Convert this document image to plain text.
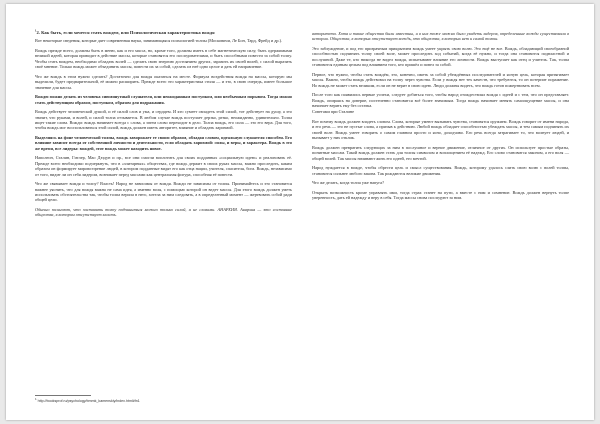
$^1$2. Как быть, если хочется стать вождем, или Психологическая характеристика вождя

Вот некоторые сведения, которые дает современная наука, занимающаяся психологией толпы (Московичи, Ле Бон, Тард, Фрейд и др.).

Вождь прежде всего, должны быть в меню, как и его масса, но, кроме того, должны иметь в себе магнетическую силу, быть одержимыми великой идеей, которая приводит в действие массы, которые становятся его последователями, и быть способными повести за собой толпу. Чтобы стать вождем, необходимо обладать волей — сделать свою энергию достоянием других, заразить их своей волей, с силой выразить своё мнение. Только вождь может объединить массы, повести их за собой, сделать из неё одно целое и дать ей направление.

Что же вождь в этом нужно сделать? Достаточно для вождя оказаться на месте. Формула воздействия вождя на массы, которую мы выделили, будет предварительной, её можно расширить. Прежде всего это характеристика стиля — и это, в свою очередь, имеет большое значение для массы.

Вождю можно делать из человека сиюминутный слушателя, или неожиданным поступком, или необычным порывом. Тогда можно стать действующим образом, поступком, образом для подражания.

Вождь действует человеческой душой, и её силой слов и ума, и сердцем. И кто сумеет овладеть этой силой, тот действует на душу, а это значит, что руками, и волей, и силой толпа отзывается. В любом случае вождь поступает дерзко, резко, неожиданно, удивительно. Толпа ищет такие слова. Вожди: вождь начинает всегда с слова, а затем слово переходит в дело. Толпа вождь, его сила — это его вера. Для того, чтобы вождь мог воспользоваться этой силой, вождь должен иметь авторитет, влияние и обладать харизмой.

Выделяясь на фоне человеческой толпы, вождь заворожает ее своим образом, обладая словом, идеальную слушателя способен. Его влияние зависит всегда от собственной личности и деятельности, если обладать харизмой: силы, и веры, и характера. Вождь в это же время, все лидеры: вождей, этот вождь может находить новое.

Наполеон, Сталин, Гитлер, Мао Дзэдун и пр., все они смогли воплотить для своих подданных «социальную идею» и реализовать её. Прежде всего необходимо подчеркнуть, что в «элитарных» обществах, где вождь держит в своих руках массы, важно проследить, каким образом он формирует мировоззрение людей, в котором подданные видят его как отца нации, учителя, спасителя, бога. Вождь, независимо от того, видит ли он себя лидером, возникает перед массами как центральная фигура, способная её повести.

Что же связывает вождя и толпу? Власть! Народ не зависимы от вождя. Вожди не зависимы от толпы. Принимайтесь и это становится важнее уяснить, что для вождя важна не сама идея, а именно воля, с помощью которой он ведет массы. Для этого вождь должен уметь использовать обстоятельства так, чтобы толпа верила в него, хотела за ним следовать, а в определенный момент — жертвовать собой ради общей цели.

Обычно полагают, что заставить толпу подчиниться можно только силой, а не словами. АНАРХИЯ. Анархия — это состояние общества, в котором отсутствует власть.

авторитета. Хотя и такие общества были известны, и в них тоже можно было увидеть лидеров, определенные вожди существовали в истории. Общества, в которых отсутствует вождь, это общества, в которых нет и самой толпы.

Это заблуждение, и под его призрачным прикрытием вождь умеет укрыть свою волю. Это ещё не все. Вождь, обладающий своеобразной способностью подчинять толпу своей воле, может проследить ход событий, когда её нужно, и тогда она становится подвластной и послушной. Даже те, кто никогда не видел вождя, испытывают влияние его личности. Вождь выступает как отец и учитель. Так, толпа становится единым целым под влиянием того, кто пришёл и повел за собой.

Первое, что нужно, чтобы стать вождём, это, конечно, иметь за собой убеждённых последователей и ясную цель, которая притягивает массы. Важно, чтобы вождь действовал на толпу через чувства. Если у вождя нет тех качеств, что требуются, то он потерпит поражение. Но вождь не может стать великим, если он не верит в свою идею. Люди должны видеть, что вождь готов пожертвовать всем.

После того как появились первые успехи, следует добиться того, чтобы народ отождествлял вождя с идеей и с тем, что он представляет. Вождь, опираясь на доверие, постепенно становится всё более значимым. Тогда вождь начинает менять самоощущение массы, и она начинает верить ему без остатка.

Советами при Сталине

Вот почему вождь должен владеть словом. Слова, которые умеют вызывать чувства, становятся оружием. Вождь говорит от имени народа, и его речь — это не пустые слова, а призыв к действию. Любой вождь обладает способностью убеждать массы, и тем самым подчинять их своей воле. Вождь умеет говорить о самом главном просто и ясно, доходчиво. Его речь всегда затрагивает то, что волнует людей, и вызывает у них отклик.

Вождь должен превратить следующих за ним в послушное и верное движение, отличное от других. Он использует простые образы, понятные массам. Такой вождь должен стать для толпы символом и воплощением её надежд. Его слово становится законом, а его воля — общей волей. Так массы начинают жить его идеей, его мечтой.

Народ нуждается в вожде, чтобы обрести цель и смысл существования. Вождь, которому удалось слить свою волю с волей толпы, становится сильнее любого закона. Так рождаются великие движения.

Что же делать, когда толпа уже напуга?

Открыть возможность кроме управлять ими, тогда страх станет на пути, а вместе с ним и сомнение. Вождь должен вернуть толпе уверенность, дать ей надежду и веру в себя. Тогда массы снова последуют за ним.

$^1$ http://booksprof.ru/psychology/bmmk_kamenskiy/index.html#fn1
